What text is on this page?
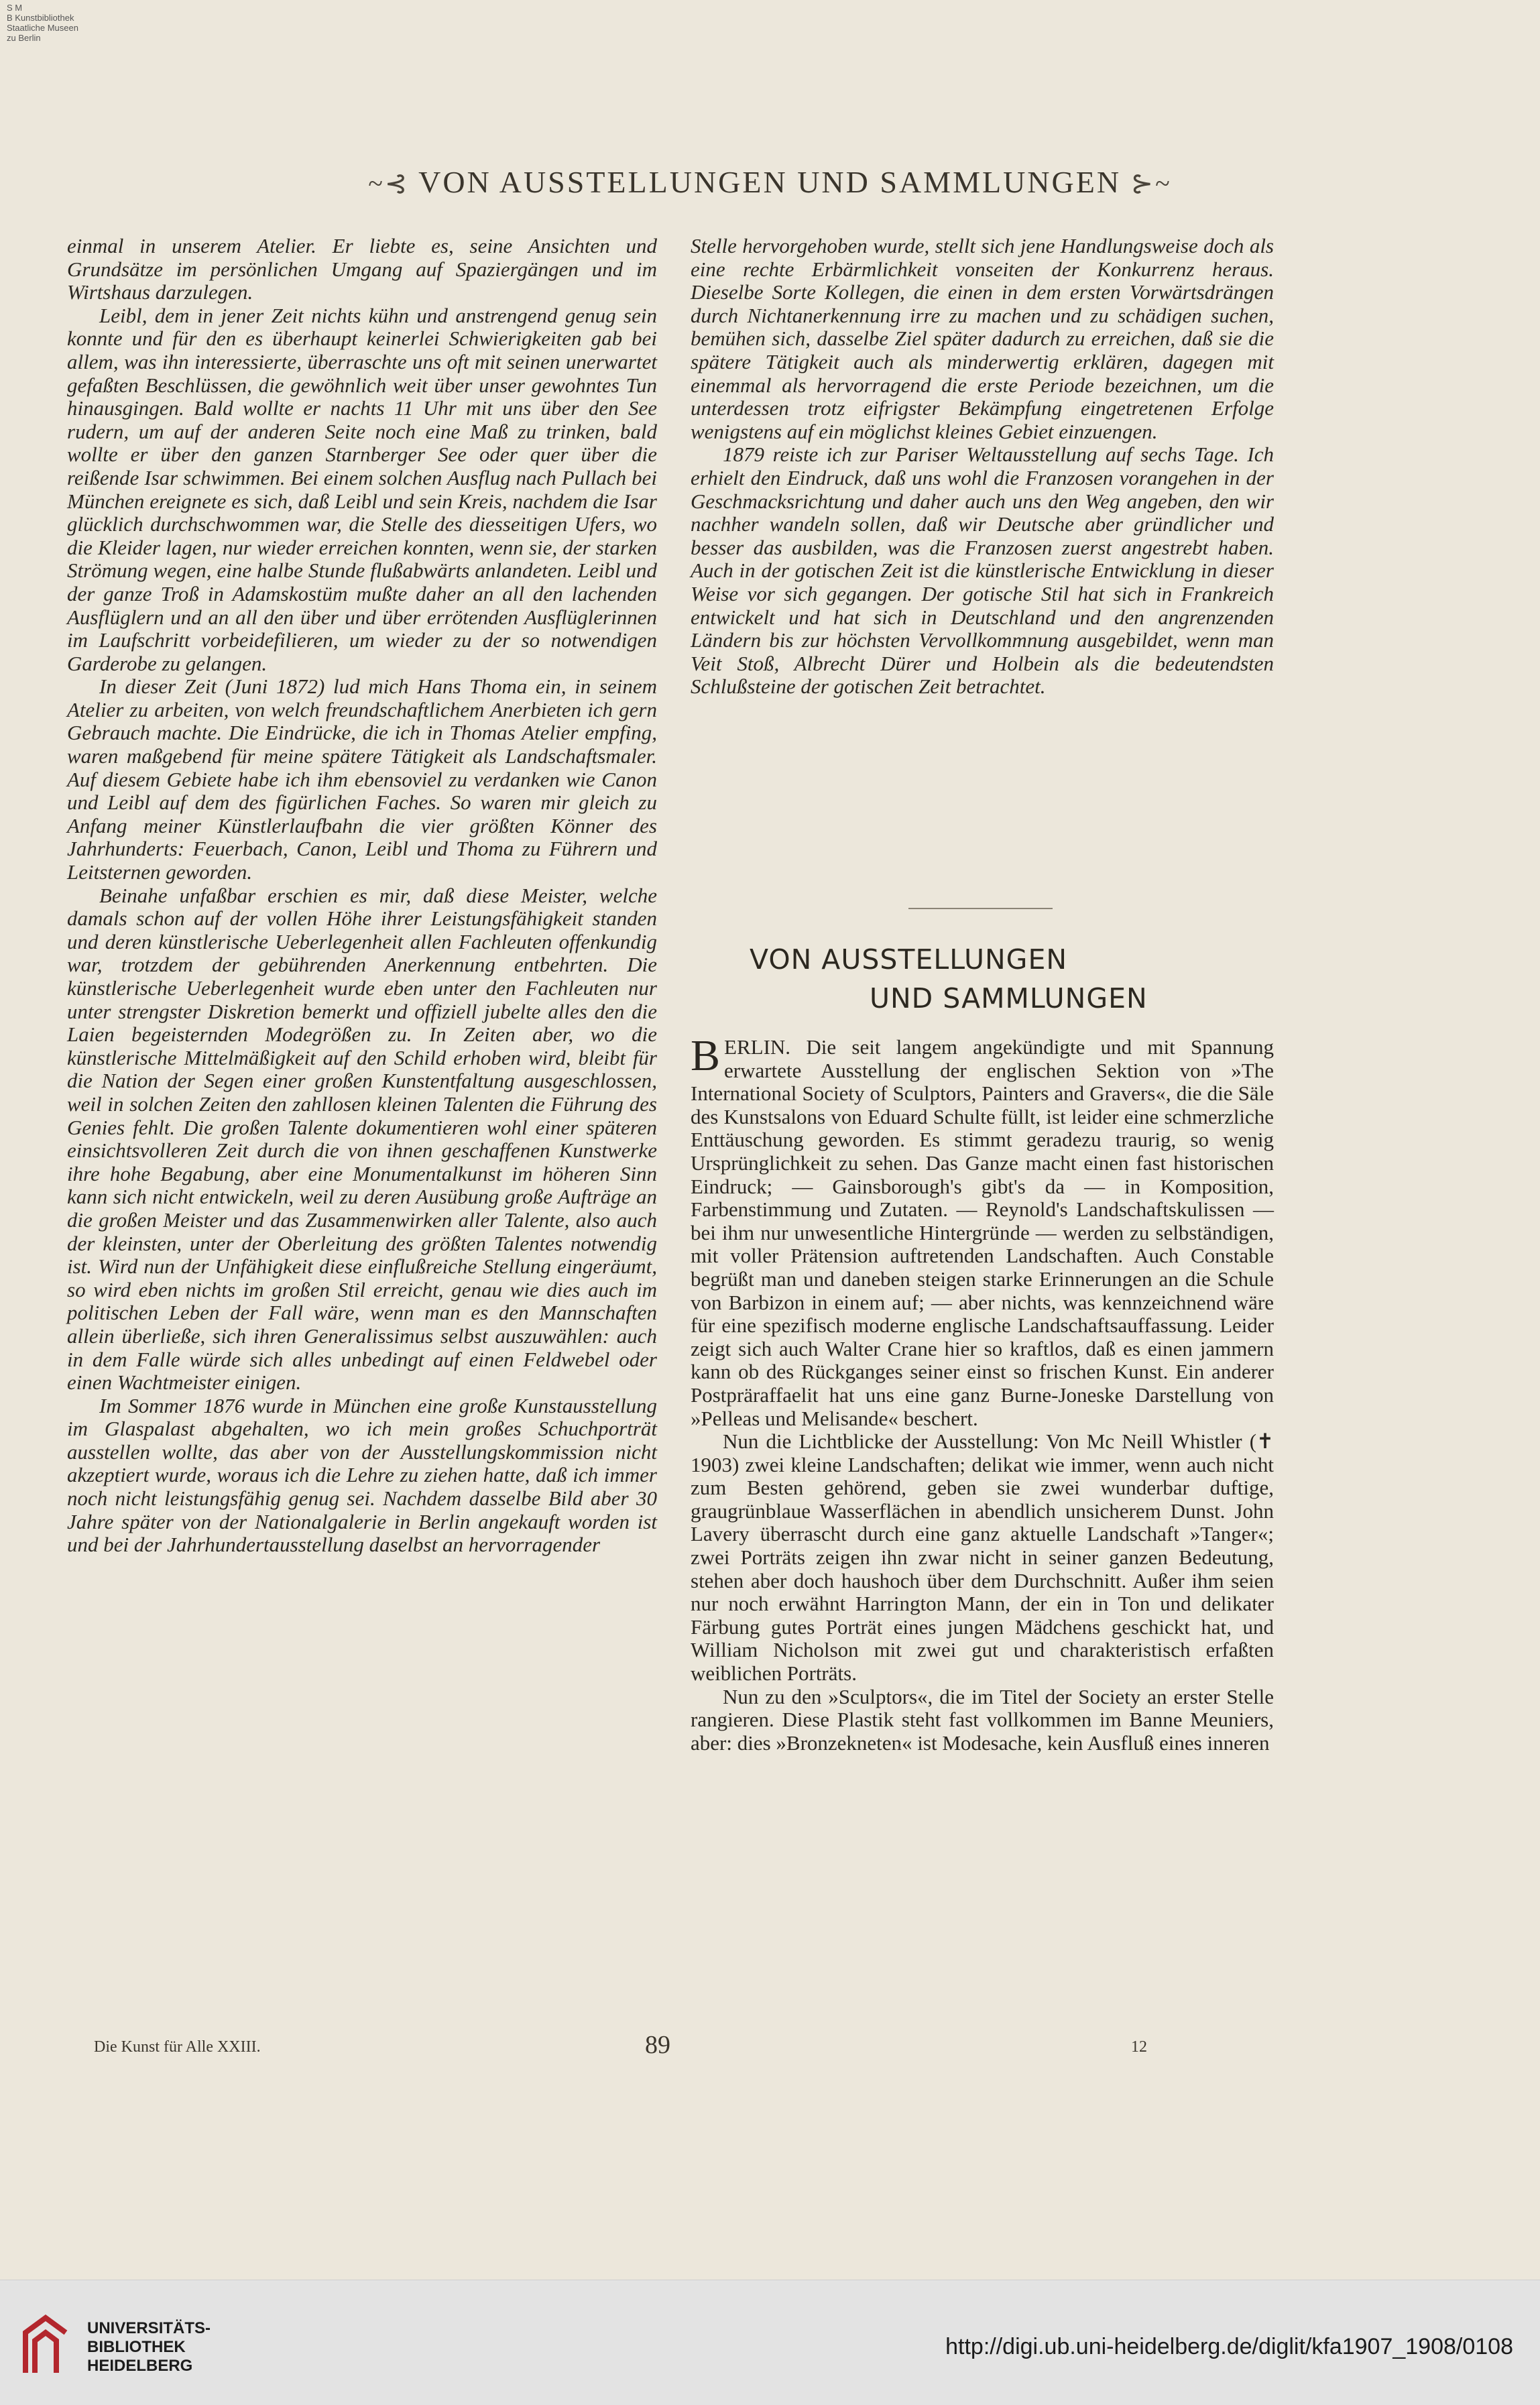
S M
B Kunstbibliothek
Staatliche Museen
zu Berlin
~⊰ VON AUSSTELLUNGEN UND SAMMLUNGEN ⊱~

einmal in unserem Atelier. Er liebte es, seine Ansichten und Grundsätze im persönlichen Umgang auf Spaziergängen und im Wirtshaus darzulegen.

Leibl, dem in jener Zeit nichts kühn und anstrengend genug sein konnte und für den es überhaupt keinerlei Schwierigkeiten gab bei allem, was ihn interessierte, überraschte uns oft mit seinen unerwartet gefaßten Beschlüssen, die gewöhnlich weit über unser gewohntes Tun hinausgingen. Bald wollte er nachts 11 Uhr mit uns über den See rudern, um auf der anderen Seite noch eine Maß zu trinken, bald wollte er über den ganzen Starnberger See oder quer über die reißende Isar schwimmen. Bei einem solchen Ausflug nach Pullach bei München ereignete es sich, daß Leibl und sein Kreis, nachdem die Isar glücklich durchschwommen war, die Stelle des diesseitigen Ufers, wo die Kleider lagen, nur wieder erreichen konnten, wenn sie, der starken Strömung wegen, eine halbe Stunde flußabwärts anlandeten. Leibl und der ganze Troß in Adamskostüm mußte daher an all den lachenden Ausflüglern und an all den über und über errötenden Ausflüglerinnen im Laufschritt vorbeidefilieren, um wieder zu der so notwendigen Garderobe zu gelangen.

In dieser Zeit (Juni 1872) lud mich Hans Thoma ein, in seinem Atelier zu arbeiten, von welch freundschaftlichem Anerbieten ich gern Gebrauch machte. Die Eindrücke, die ich in Thomas Atelier empfing, waren maßgebend für meine spätere Tätigkeit als Landschaftsmaler. Auf diesem Gebiete habe ich ihm ebensoviel zu verdanken wie Canon und Leibl auf dem des figürlichen Faches. So waren mir gleich zu Anfang meiner Künstlerlaufbahn die vier größten Könner des Jahrhunderts: Feuerbach, Canon, Leibl und Thoma zu Führern und Leitsternen geworden.

Beinahe unfaßbar erschien es mir, daß diese Meister, welche damals schon auf der vollen Höhe ihrer Leistungsfähigkeit standen und deren künstlerische Ueberlegenheit allen Fachleuten offenkundig war, trotzdem der gebührenden Anerkennung entbehrten. Die künstlerische Ueberlegenheit wurde eben unter den Fachleuten nur unter strengster Diskretion bemerkt und offiziell jubelte alles den die Laien begeisternden Modegrößen zu. In Zeiten aber, wo die künstlerische Mittelmäßigkeit auf den Schild erhoben wird, bleibt für die Nation der Segen einer großen Kunstentfaltung ausgeschlossen, weil in solchen Zeiten den zahllosen kleinen Talenten die Führung des Genies fehlt. Die großen Talente dokumentieren wohl einer späteren einsichtsvolleren Zeit durch die von ihnen geschaffenen Kunstwerke ihre hohe Begabung, aber eine Monumentalkunst im höheren Sinn kann sich nicht entwickeln, weil zu deren Ausübung große Aufträge an die großen Meister und das Zusammenwirken aller Talente, also auch der kleinsten, unter der Oberleitung des größten Talentes notwendig ist. Wird nun der Unfähigkeit diese einflußreiche Stellung eingeräumt, so wird eben nichts im großen Stil erreicht, genau wie dies auch im politischen Leben der Fall wäre, wenn man es den Mannschaften allein überließe, sich ihren Generalissimus selbst auszuwählen: auch in dem Falle würde sich alles unbedingt auf einen Feldwebel oder einen Wachtmeister einigen.

Im Sommer 1876 wurde in München eine große Kunstausstellung im Glaspalast abgehalten, wo ich mein großes Schuchporträt ausstellen wollte, das aber von der Ausstellungskommission nicht akzeptiert wurde, woraus ich die Lehre zu ziehen hatte, daß ich immer noch nicht leistungsfähig genug sei. Nachdem dasselbe Bild aber 30 Jahre später von der Nationalgalerie in Berlin angekauft worden ist und bei der Jahrhundertausstellung daselbst an hervorragender

Stelle hervorgehoben wurde, stellt sich jene Handlungsweise doch als eine rechte Erbärmlichkeit vonseiten der Konkurrenz heraus. Dieselbe Sorte Kollegen, die einen in dem ersten Vorwärtsdrängen durch Nichtanerkennung irre zu machen und zu schädigen suchen, bemühen sich, dasselbe Ziel später dadurch zu erreichen, daß sie die spätere Tätigkeit auch als minderwertig erklären, dagegen mit einemmal als hervorragend die erste Periode bezeichnen, um die unterdessen trotz eifrigster Bekämpfung eingetretenen Erfolge wenigstens auf ein möglichst kleines Gebiet einzuengen.

1879 reiste ich zur Pariser Weltausstellung auf sechs Tage. Ich erhielt den Eindruck, daß uns wohl die Franzosen vorangehen in der Geschmacksrichtung und daher auch uns den Weg angeben, den wir nachher wandeln sollen, daß wir Deutsche aber gründlicher und besser das ausbilden, was die Franzosen zuerst angestrebt haben. Auch in der gotischen Zeit ist die künstlerische Entwicklung in dieser Weise vor sich gegangen. Der gotische Stil hat sich in Frankreich entwickelt und hat sich in Deutschland und den angrenzenden Ländern bis zur höchsten Vervollkommnung ausgebildet, wenn man Veit Stoß, Albrecht Dürer und Holbein als die bedeutendsten Schlußsteine der gotischen Zeit betrachtet.

VON AUSSTELLUNGEN
UND SAMMLUNGEN

BERLIN. Die seit langem angekündigte und mit Spannung erwartete Ausstellung der englischen Sektion von »The International Society of Sculptors, Painters and Gravers«, die die Säle des Kunstsalons von Eduard Schulte füllt, ist leider eine schmerzliche Enttäuschung geworden. Es stimmt geradezu traurig, so wenig Ursprünglichkeit zu sehen. Das Ganze macht einen fast historischen Eindruck; — Gainsborough's gibt's da — in Komposition, Farbenstimmung und Zutaten. — Reynold's Landschaftskulissen — bei ihm nur unwesentliche Hintergründe — werden zu selbständigen, mit voller Prätension auftretenden Landschaften. Auch Constable begrüßt man und daneben steigen starke Erinnerungen an die Schule von Barbizon in einem auf; — aber nichts, was kennzeichnend wäre für eine spezifisch moderne englische Landschaftsauffassung. Leider zeigt sich auch Walter Crane hier so kraftlos, daß es einen jammern kann ob des Rückganges seiner einst so frischen Kunst. Ein anderer Postpräraffaelit hat uns eine ganz Burne-Joneske Darstellung von »Pelleas und Melisande« beschert.

Nun die Lichtblicke der Ausstellung: Von Mc Neill Whistler (✝ 1903) zwei kleine Landschaften; delikat wie immer, wenn auch nicht zum Besten gehörend, geben sie zwei wunderbar duftige, graugrünblaue Wasserflächen in abendlich unsicherem Dunst. John Lavery überrascht durch eine ganz aktuelle Landschaft »Tanger«; zwei Porträts zeigen ihn zwar nicht in seiner ganzen Bedeutung, stehen aber doch haushoch über dem Durchschnitt. Außer ihm seien nur noch erwähnt Harrington Mann, der ein in Ton und delikater Färbung gutes Porträt eines jungen Mädchens geschickt hat, und William Nicholson mit zwei gut und charakteristisch erfaßten weiblichen Porträts.

Nun zu den »Sculptors«, die im Titel der Society an erster Stelle rangieren. Diese Plastik steht fast vollkommen im Banne Meuniers, aber: dies »Bronzekneten« ist Modesache, kein Ausfluß eines inneren

Die Kunst für Alle XXIII.	89	12
UNIVERSITÄTS-
BIBLIOTHEK
HEIDELBERG
http://digi.ub.uni-heidelberg.de/diglit/kfa1907_1908/0108
